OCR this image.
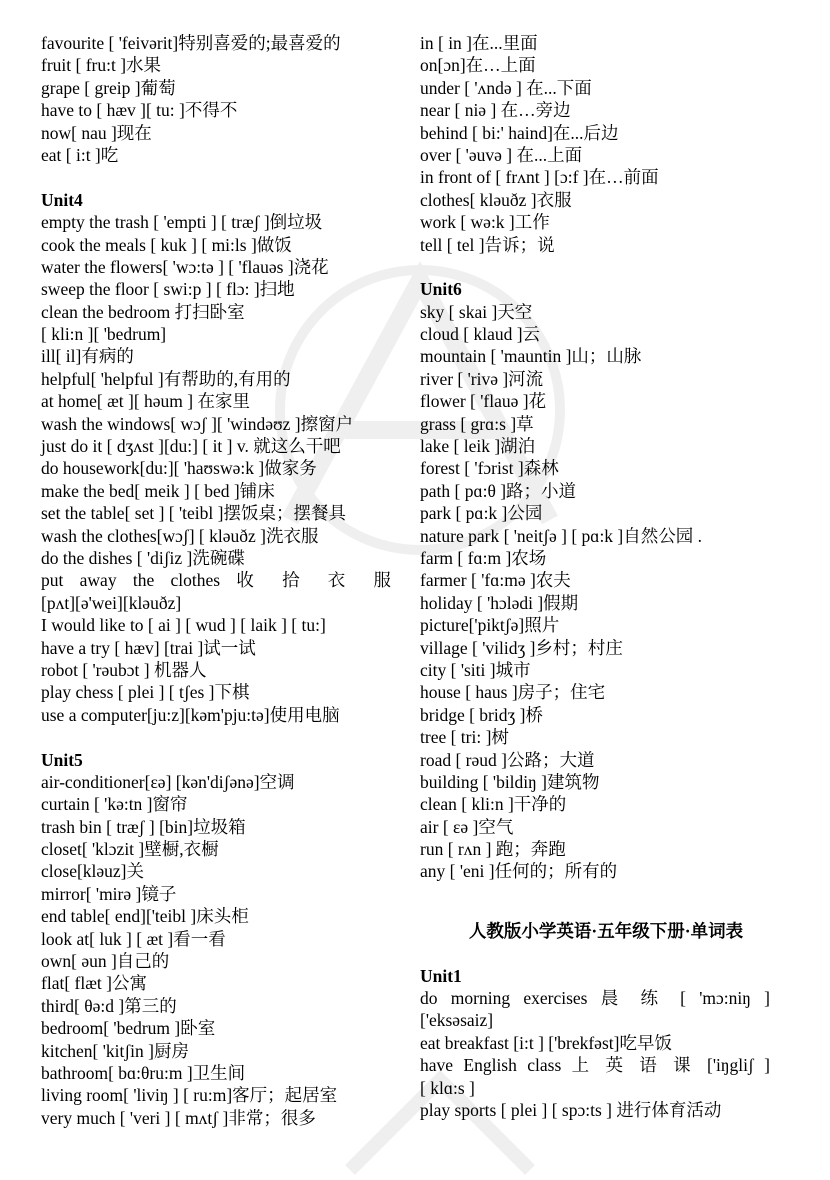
favourite [ 'feivərit]特别喜爱的;最喜爱的
fruit [ fru:t ]水果
grape [ greip ]葡萄
have to [ hæv ][ tu: ]不得不
now[ nau ]现在
eat [ i:t ]吃
Unit4
empty the trash [ 'empti ] [ træʃ ]倒垃圾
cook the meals [ kuk ] [ mi:ls ]做饭
water the flowers[ 'wɔ:tə ] [ 'flauəs ]浇花
sweep the floor [ swi:p ] [ flɔ: ]扫地
clean the bedroom 打扫卧室
[ kli:n ][ 'bedrum]
ill[ il]有病的
helpful[ 'helpful ]有帮助的,有用的
at home[ æt ][ həum ] 在家里
wash the windows[ wɔʃ ][ 'windəʊz ]擦窗户
just do it [ dʒʌst ][du:] [ it ] v. 就这么干吧
do housework[du:][ 'haʊswə:k ]做家务
make the bed[ meik ] [ bed ]铺床
set the table[ set ] [ 'teibl ]摆饭桌；摆餐具
wash the clothes[wɔʃ] [ kləuðz ]洗衣服
do the dishes [ 'diʃiz ]洗碗碟
put away the clothes 收 拾 衣 服
[pʌt][ə'wei][kləuðz]
I would like to [ ai ] [ wud ] [ laik ] [ tu:]
have a try [ hæv] [trai ]试一试
robot [ 'rəubɔt ] 机器人
play chess [ plei ] [ tʃes ]下棋
use a computer[ju:z][kəm'pju:tə]使用电脑
Unit5
air-conditioner[ɛə] [kən'diʃənə]空调
curtain [ 'kə:tn ]窗帘
trash bin [ træʃ ] [bin]垃圾箱
closet[ 'klɔzit ]壁橱,衣橱
close[kləuz]关
mirror[ 'mirə ]镜子
end table[ end]['teibl ]床头柜
look at[ luk ] [ æt ]看一看
own[ əun ]自己的
flat[ flæt ]公寓
third[ θə:d ]第三的
bedroom[ 'bedrum ]卧室
kitchen[ 'kitʃin ]厨房
bathroom[ bɑ:θru:m ]卫生间
living room[ 'liviŋ ] [ ru:m]客厅；起居室
very much [ 'veri ] [ mʌtʃ ]非常；很多
in [ in ]在...里面
on[ɔn]在…上面
under [ 'ʌndə ] 在...下面
near [ niə ] 在…旁边
behind [ bi:' haind]在...后边
over [ 'əuvə ] 在...上面
in front of [ frʌnt ] [ɔ:f ]在…前面
clothes[ kləuðz ]衣服
work [ wə:k ]工作
tell [ tel ]告诉；说
Unit6
sky [ skai ]天空
cloud [ klaud ]云
mountain [ 'mauntin ]山；山脉
river [ 'rivə ]河流
flower [ 'flauə ]花
grass [ grɑ:s ]草
lake [ leik ]湖泊
forest [ 'fɔrist ]森林
path [ pɑ:θ ]路；小道
park [ pɑ:k ]公园
nature park [ 'neitʃə ] [ pɑ:k ]自然公园 .
farm [ fɑ:m ]农场
farmer [ 'fɑ:mə ]农夫
holiday [ 'hɔlədi ]假期
picture['piktʃə]照片
village [ 'vilidʒ ]乡村；村庄
city [ 'siti ]城市
house [ haus ]房子；住宅
bridge [ bridʒ ]桥
tree [ tri: ]树
road [ rəud ]公路；大道
building [ 'bildiŋ ]建筑物
clean [ kli:n ]干净的
air [ ɛə ]空气
run [ rʌn ] 跑；奔跑
any [ 'eni ]任何的；所有的
人教版小学英语·五年级下册·单词表
Unit1
do morning exercises 晨 练 [ 'mɔ:niŋ ]
['eksəsaiz]
eat breakfast [i:t ] ['brekfəst]吃早饭
have English class 上 英 语 课 ['iŋgliʃ ]
[ klɑ:s ]
play sports [ plei ] [ spɔ:ts ] 进行体育活动
